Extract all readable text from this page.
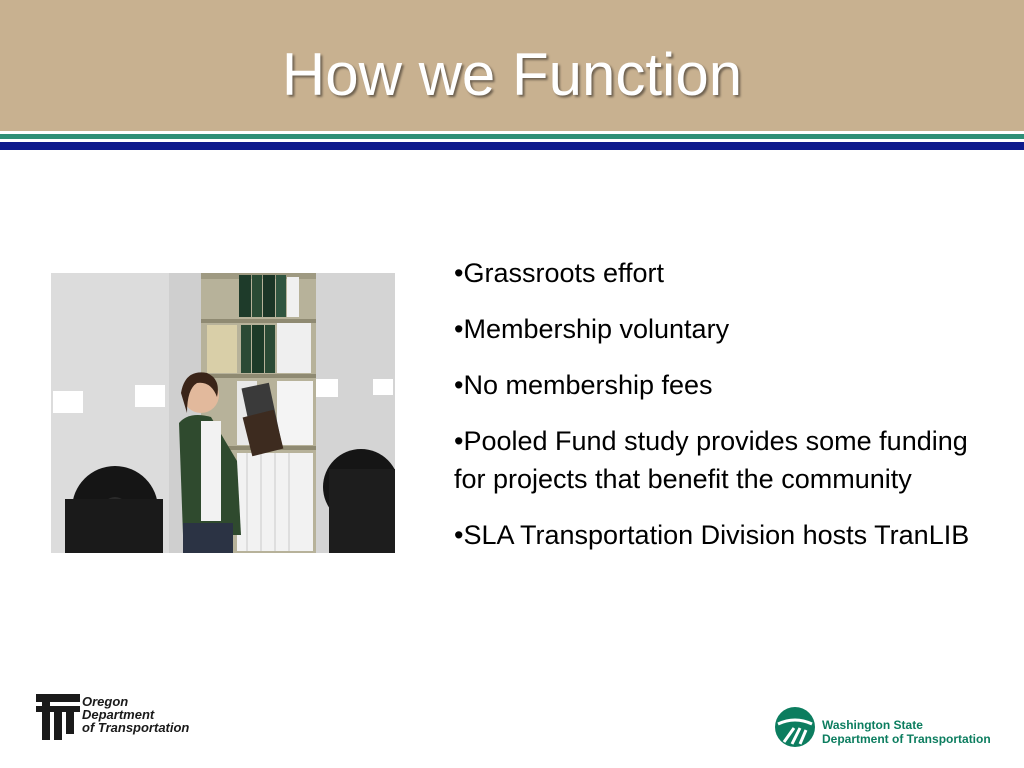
How we Function
•Grassroots effort
•Membership voluntary
•No membership fees
•Pooled Fund study provides some funding for projects that benefit the community
•SLA Transportation Division hosts TranLIB
Oregon
Department
of Transportation	Washington State
Department of Transportation
